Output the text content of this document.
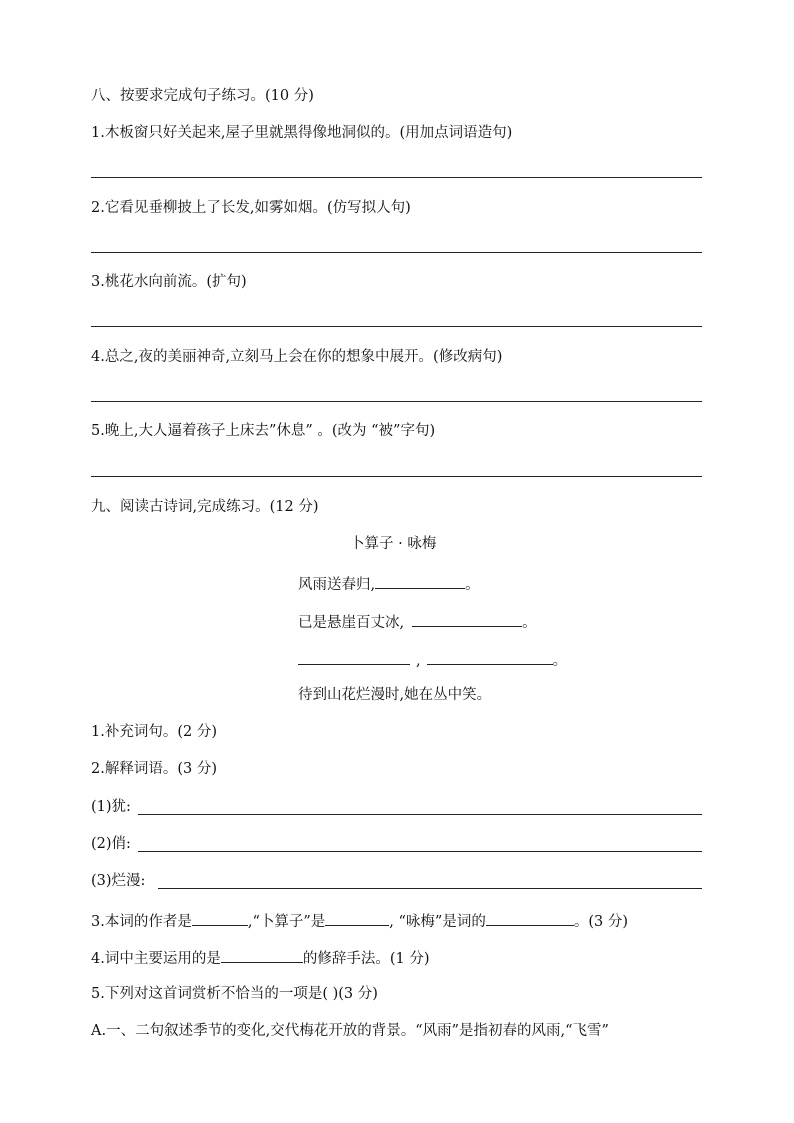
八、按要求完成句子练习。(10 分)
1.木板窗只好关起来,屋子里就黑得像地洞似的。(用加点词语造句)
2.它看见垂柳披上了长发,如雾如烟。(仿写拟人句)
3.桃花水向前流。(扩句)
4.总之,夜的美丽神奇,立刻马上会在你的想象中展开。(修改病句)
5.晚上,大人逼着孩子上床去”休息” 。(改为 “被”字句)
九、阅读古诗词,完成练习。(12 分)
卜算子 · 咏梅
风雨送春归,	。
已是悬崖百丈冰,	。
,	。
待到山花烂漫时,她在丛中笑。
1.补充词句。(2 分)
2.解释词语。(3 分)
(1)犹:
(2)俏:
(3)烂漫:
3.本词的作者是	,“卜算子”是	, “咏梅”是词的	。(3 分)
4.词中主要运用的是	的修辞手法。(1 分)
5.下列对这首词赏析不恰当的一项是( )(3 分)
A.一、二句叙述季节的变化,交代梅花开放的背景。“风雨”是指初春的风雨,“飞雪”
